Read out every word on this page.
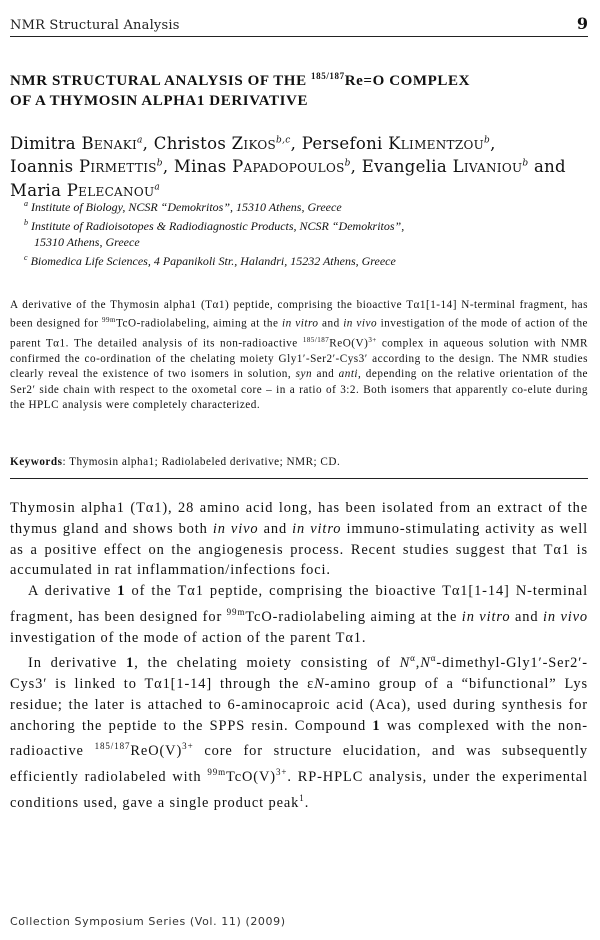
NMR Structural Analysis	9
NMR STRUCTURAL ANALYSIS OF THE $^{185/187}$Re=O COMPLEX
OF A THYMOSIN ALPHA1 DERIVATIVE
Dimitra Benaki$^a$, Christos Zikos$^{b,c}$, Persefoni Klimentzou$^b$,
Ioannis Pirmettis$^b$, Minas Papadopoulos$^b$, Evangelia Livaniou$^b$ and
Maria Pelecanou$^a$
$^a$ Institute of Biology, NCSR “Demokritos”, 15310 Athens, Greece
$^b$ Institute of Radioisotopes & Radiodiagnostic Products, NCSR “Demokritos”,
15310 Athens, Greece
$^c$ Biomedica Life Sciences, 4 Papanikoli Str., Halandri, 15232 Athens, Greece
A derivative of the Thymosin alpha1 (Tα1) peptide, comprising the bioactive Tα1[1-14] N-terminal fragment, has been designed for $^{99m}$TcO-radiolabeling, aiming at the in vitro and in vivo investigation of the mode of action of the parent Tα1. The detailed analysis of its non-radioactive $^{185/187}ReO(V)^{3+}$ complex in aqueous solution with NMR confirmed the co-ordination of the chelating moiety Gly1′-Ser2′-Cys3′ according to the design. The NMR studies clearly reveal the existence of two isomers in solution, syn and anti, depending on the relative orientation of the Ser2′ side chain with respect to the oxometal core – in a ratio of 3:2. Both isomers that apparently co-elute during the HPLC analysis were completely characterized.
Keywords: Thymosin alpha1; Radiolabeled derivative; NMR; CD.

Thymosin alpha1 (Tα1), 28 amino acid long, has been isolated from an extract of the thymus gland and shows both in vivo and in vitro immuno-stimulating activity as well as a positive effect on the angiogenesis process. Recent studies suggest that Tα1 is accumulated in rat inflammation/infections foci.

A derivative 1 of the Tα1 peptide, comprising the bioactive Tα1[1-14] N-terminal fragment, has been designed for $^{99m}$TcO-radiolabeling aiming at the in vitro and in vivo investigation of the mode of action of the parent Tα1.

In derivative 1, the chelating moiety consisting of $N^\alpha,N^\alpha-dimethyl-Gly1'-Ser2'-Cys3'$ is linked to Tα1[1-14] through the εN-amino group of a “bifunctional” Lys residue; the later is attached to 6-aminocaproic acid (Aca), used during synthesis for anchoring the peptide to the SPPS resin. Compound 1 was complexed with the non-radioactive $^{185/187}ReO(V)^{3+}$ core for structure elucidation, and was subsequently efficiently radiolabeled with $^{99m}TcO(V)^{3+}$. RP-HPLC analysis, under the experimental conditions used, gave a single product peak$^1$.

Collection Symposium Series (Vol. 11) (2009)
